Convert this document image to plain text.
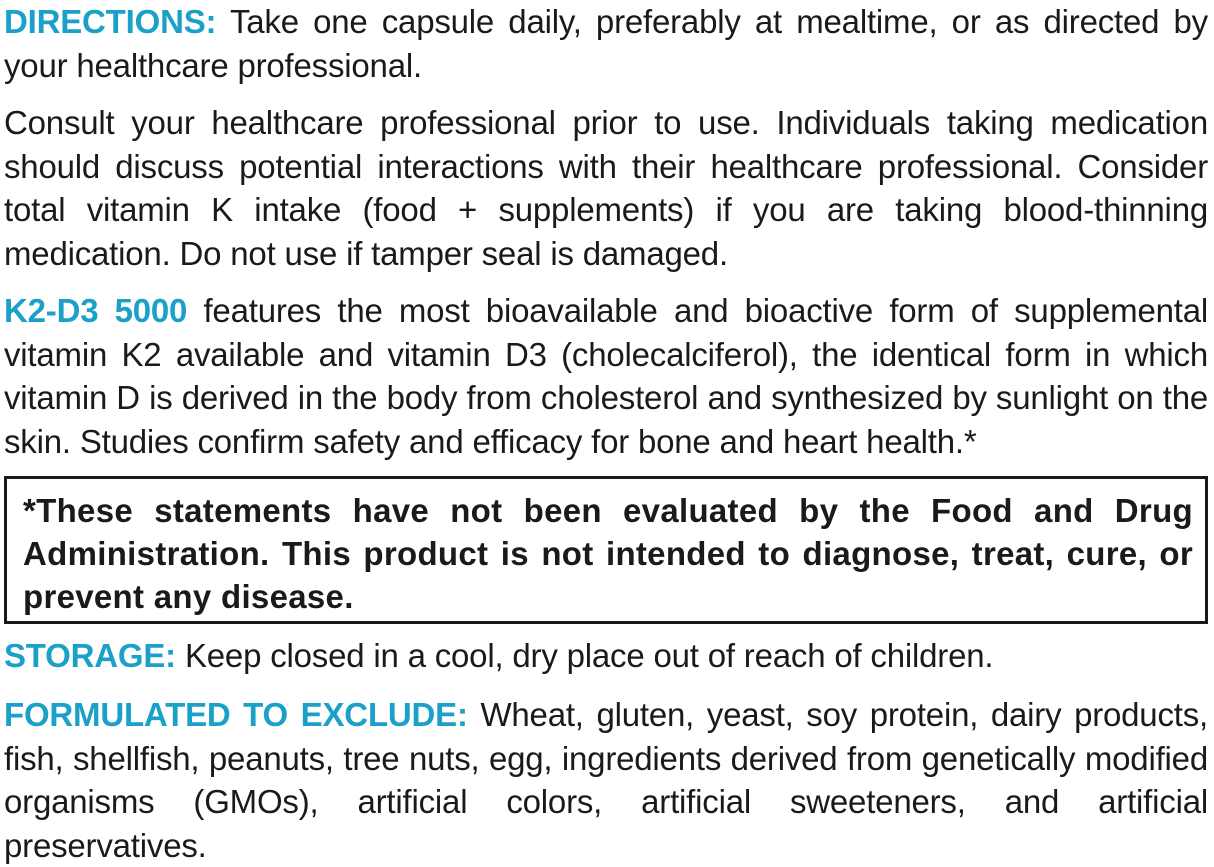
DIRECTIONS: Take one capsule daily, preferably at mealtime, or as directed by your healthcare professional.

Consult your healthcare professional prior to use. Individuals taking medication should discuss potential interactions with their healthcare professional. Consider total vitamin K intake (food + supplements) if you are taking blood-thinning medication. Do not use if tamper seal is damaged.

K2-D3 5000 features the most bioavailable and bioactive form of supplemental vitamin K2 available and vitamin D3 (cholecalciferol), the identical form in which vitamin D is derived in the body from cholesterol and synthesized by sunlight on the skin. Studies confirm safety and efficacy for bone and heart health.*

*These statements have not been evaluated by the Food and Drug Administration. This product is not intended to diagnose, treat, cure, or prevent any disease.

STORAGE: Keep closed in a cool, dry place out of reach of children.

FORMULATED TO EXCLUDE: Wheat, gluten, yeast, soy protein, dairy products, fish, shellfish, peanuts, tree nuts, egg, ingredients derived from genetically modified organisms (GMOs), artificial colors, artificial sweeteners, and artificial preservatives.
